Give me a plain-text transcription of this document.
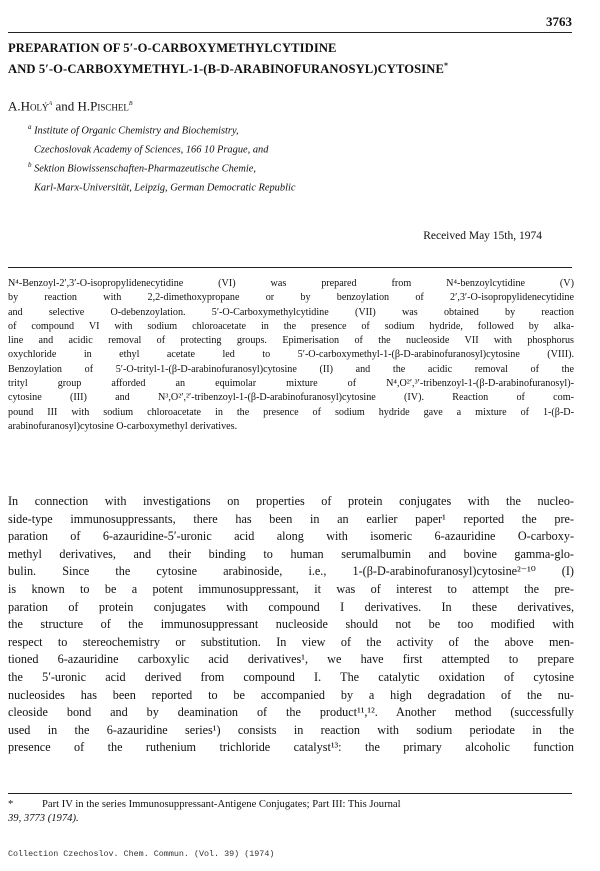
3763
PREPARATION OF 5′-O-CARBOXYMETHYLCYTIDINE
AND 5′-O-CARBOXYMETHYL-1-(Β-D-ARABINOFURANOSYL)CYTOSINE*
A.Holý$^a$ and H.Pischel$^b$
$^a$ Institute of Organic Chemistry and Biochemistry,
Czechoslovak Academy of Sciences, 166 10 Prague, and
$^b$ Sektion Biowissenschaften-Pharmazeutische Chemie,
Karl-Marx-Universität, Leipzig, German Democratic Republic
Received May 15th, 1974
N⁴-Benzoyl-2′,3′-O-isopropylidenecytidine (VI) was prepared from N⁴-benzoylcytidine (V)
by reaction with 2,2-dimethoxypropane or by benzoylation of 2′,3′-O-isopropylidenecytidine
and selective O-debenzoylation. 5′-O-Carboxymethylcytidine (VII) was obtained by reaction
of compound VI with sodium chloroacetate in the presence of sodium hydride, followed by alka-
line and acidic removal of protecting groups. Epimerisation of the nucleoside VII with phosphorus
oxychloride in ethyl acetate led to 5′-O-carboxymethyl-1-(β-D-arabinofuranosyl)cytosine (VIII).
Benzoylation of 5′-O-trityl-1-(β-D-arabinofuranosyl)cytosine (II) and the acidic removal of the
trityl group afforded an equimolar mixture of N⁴,O²′,³′-tribenzoyl-1-(β-D-arabinofuranosyl)-
cytosine (III) and N³,O²′,²′-tribenzoyl-1-(β-D-arabinofuranosyl)cytosine (IV). Reaction of com-
pound III with sodium chloroacetate in the presence of sodium hydride gave a mixture of 1-(β-D-
arabinofuranosyl)cytosine O-carboxymethyl derivatives.
In connection with investigations on properties of protein conjugates with the nucleo-
side-type immunosuppressants, there has been in an earlier paper¹ reported the pre-
paration of 6-azauridine-5′-uronic acid along with isomeric 6-azauridine O-carboxy-
methyl derivatives, and their binding to human serumalbumin and bovine gamma-glo-
bulin. Since the cytosine arabinoside, i.e., 1-(β-D-arabinofuranosyl)cytosine²⁻¹⁰ (I)
is known to be a potent immunosuppressant, it was of interest to attempt the pre-
paration of protein conjugates with compound I derivatives. In these derivatives,
the structure of the immunosuppressant nucleoside should not be too modified with
respect to stereochemistry or substitution. In view of the activity of the above men-
tioned 6-azauridine carboxylic acid derivatives¹, we have first attempted to prepare
the 5′-uronic acid derived from compound I. The catalytic oxidation of cytosine
nucleosides has been reported to be accompanied by a high degradation of the nu-
cleoside bond and by deamination of the product¹¹,¹². Another method (successfully
used in the 6-azauridine series¹) consists in reaction with sodium periodate in the
presence of the ruthenium trichloride catalyst¹³: the primary alcoholic function
*	Part IV in the series Immunosuppressant-Antigene Conjugates; Part III: This Journal
39, 3773 (1974).
Collection Czechoslov. Chem. Commun. (Vol. 39) (1974)
